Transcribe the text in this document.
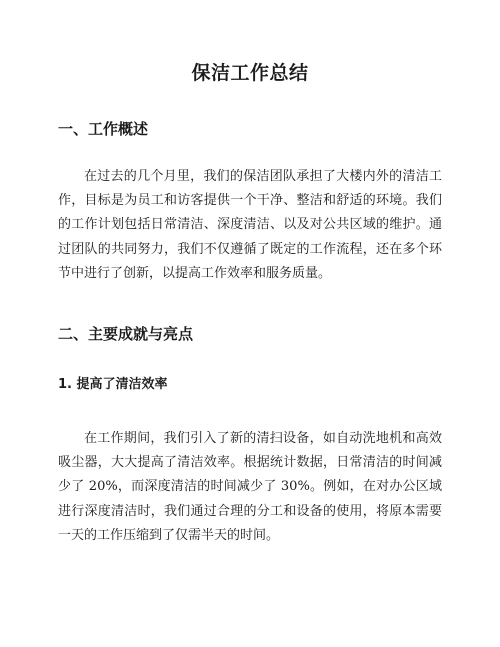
保洁工作总结
一、工作概述

在过去的几个月里，我们的保洁团队承担了大楼内外的清洁工作，目标是为员工和访客提供一个干净、整洁和舒适的环境。我们的工作计划包括日常清洁、深度清洁、以及对公共区域的维护。通过团队的共同努力，我们不仅遵循了既定的工作流程，还在多个环节中进行了创新，以提高工作效率和服务质量。

二、主要成就与亮点
1. 提高了清洁效率

在工作期间，我们引入了新的清扫设备，如自动洗地机和高效吸尘器，大大提高了清洁效率。根据统计数据，日常清洁的时间减少了 20%，而深度清洁的时间减少了 30%。例如，在对办公区域进行深度清洁时，我们通过合理的分工和设备的使用，将原本需要一天的工作压缩到了仅需半天的时间。
